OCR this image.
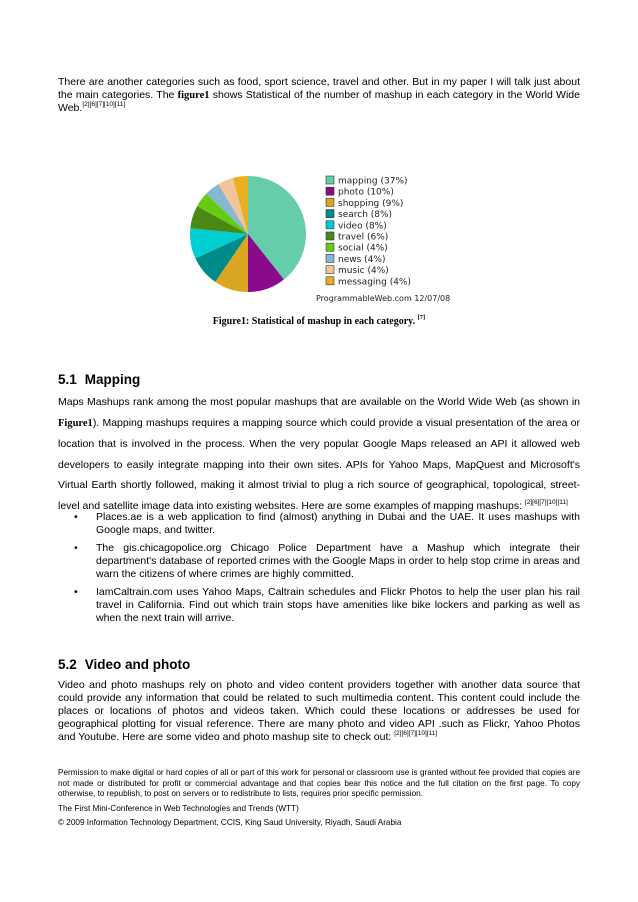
There are another categories such as food, sport science, travel and other. But in my paper I will talk just about the main categories. The figure1 shows Statistical of the number of mashup in each category in the World Wide Web.[2][6][7][10][11]

mapping (37%)
photo (10%)
shopping (9%)
search (8%)
video (8%)
travel (6%)
social (4%)
news (4%)
music (4%)
messaging (4%)
ProgrammableWeb.com 12/07/08

Figure1: Statistical of mashup in each category. [7]

5.1 Mapping

Maps Mashups rank among the most popular mashups that are available on the World Wide Web (as shown in Figure1). Mapping mashups requires a mapping source which could provide a visual presentation of the area or location that is involved in the process. When the very popular Google Maps released an API it allowed web developers to easily integrate mapping into their own sites. APIs for Yahoo Maps, MapQuest and Microsoft's Virtual Earth shortly followed, making it almost trivial to plug a rich source of geographical, topological, street-level and satellite image data into existing websites. Here are some examples of mapping mashups: [2][6][7][10][11]

• Places.ae is a web application to find (almost) anything in Dubai and the UAE. It uses mashups with Google maps, and twitter.
• The gis.chicagopolice.org Chicago Police Department have a Mashup which integrate their department's database of reported crimes with the Google Maps in order to help stop crime in areas and warn the citizens of where crimes are highly committed.
• IamCaltrain.com uses Yahoo Maps, Caltrain schedules and Flickr Photos to help the user plan his rail travel in California. Find out which train stops have amenities like bike lockers and parking as well as when the next train will arrive.
5.2 Video and photo

Video and photo mashups rely on photo and video content providers together with another data source that could provide any information that could be related to such multimedia content. This content could include the places or locations of photos and videos taken. Which could these locations or addresses be used for geographical plotting for visual reference. There are many photo and video API .such as Flickr, Yahoo Photos and Youtube. Here are some video and photo mashup site to check out: [2][6][7][10][11]

Permission to make digital or hard copies of all or part of this work for personal or classroom use is granted without fee provided that copies are not made or distributed for profit or commercial advantage and that copies bear this notice and the full citation on the first page. To copy otherwise, to republish, to post on servers or to redistribute to lists, requires prior specific permission.

The First Mini-Conference in Web Technologies and Trends (WTT)

© 2009 Information Technology Department, CCIS, King Saud University, Riyadh, Saudi Arabia
